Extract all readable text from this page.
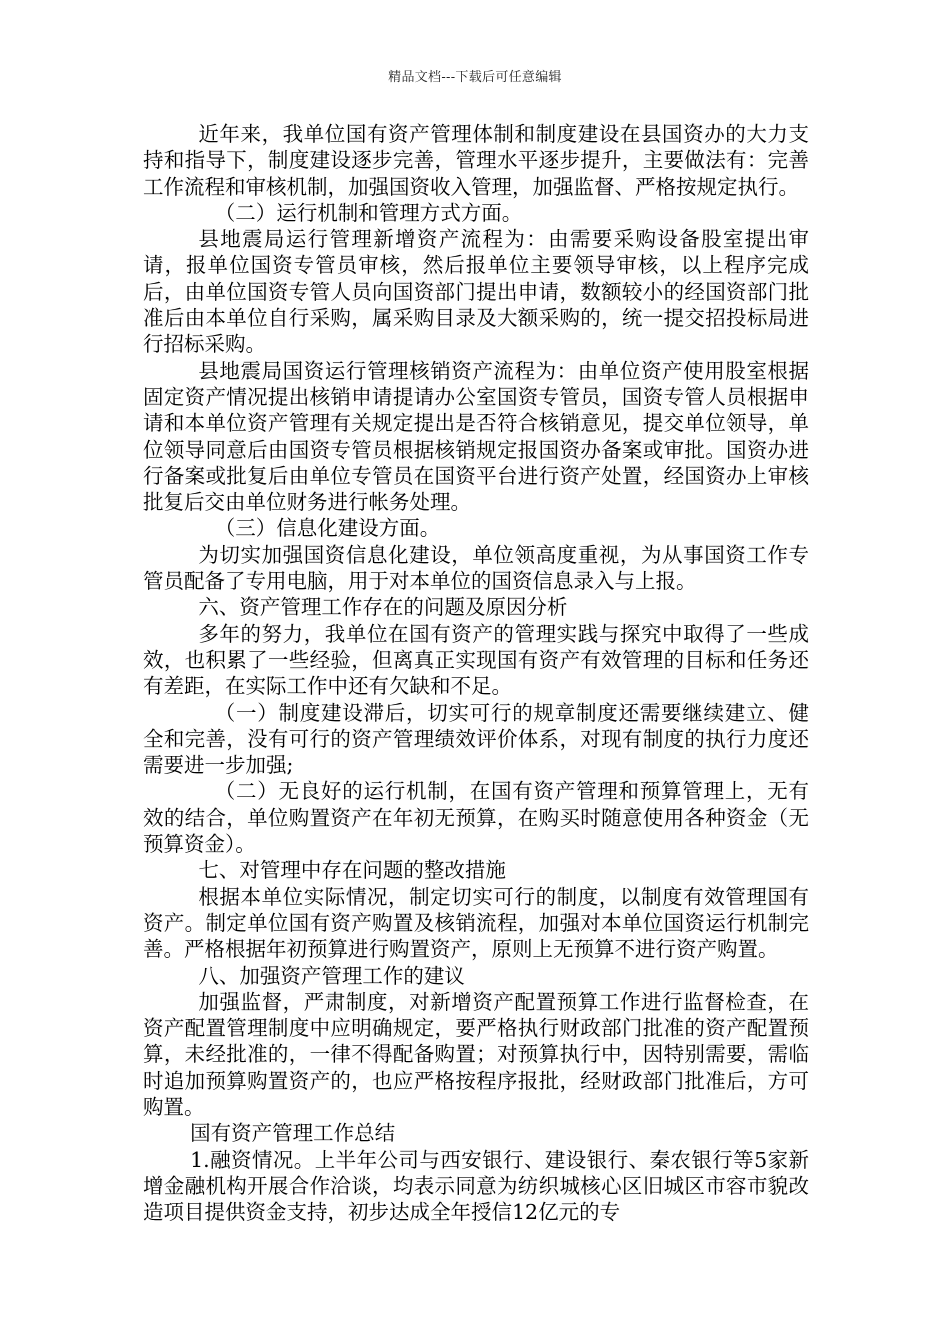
精品文档---下载后可任意编辑

近年来，我单位国有资产管理体制和制度建设在县国资办的大力支持和指导下，制度建设逐步完善，管理水平逐步提升，主要做法有：完善工作流程和审核机制，加强国资收入管理，加强监督、严格按规定执行。

（二）运行机制和管理方式方面。

县地震局运行管理新增资产流程为：由需要采购设备股室提出审请，报单位国资专管员审核，然后报单位主要领导审核，以上程序完成后，由单位国资专管人员向国资部门提出申请，数额较小的经国资部门批准后由本单位自行采购，属采购目录及大额采购的，统一提交招投标局进行招标采购。

县地震局国资运行管理核销资产流程为：由单位资产使用股室根据固定资产情况提出核销申请提请办公室国资专管员，国资专管人员根据申请和本单位资产管理有关规定提出是否符合核销意见，提交单位领导，单位领导同意后由国资专管员根据核销规定报国资办备案或审批。国资办进行备案或批复后由单位专管员在国资平台进行资产处置，经国资办上审核批复后交由单位财务进行帐务处理。

（三）信息化建设方面。

为切实加强国资信息化建设，单位领高度重视，为从事国资工作专管员配备了专用电脑，用于对本单位的国资信息录入与上报。

六、资产管理工作存在的问题及原因分析

多年的努力，我单位在国有资产的管理实践与探究中取得了一些成效，也积累了一些经验，但离真正实现国有资产有效管理的目标和任务还有差距，在实际工作中还有欠缺和不足。

（一）制度建设滞后，切实可行的规章制度还需要继续建立、健全和完善，没有可行的资产管理绩效评价体系，对现有制度的执行力度还需要进一步加强;

（二）无良好的运行机制，在国有资产管理和预算管理上，无有效的结合，单位购置资产在年初无预算，在购买时随意使用各种资金（无预算资金）。

七、对管理中存在问题的整改措施

根据本单位实际情况，制定切实可行的制度，以制度有效管理国有资产。制定单位国有资产购置及核销流程，加强对本单位国资运行机制完善。严格根据年初预算进行购置资产，原则上无预算不进行资产购置。

八、加强资产管理工作的建议

加强监督，严肃制度，对新增资产配置预算工作进行监督检查，在资产配置管理制度中应明确规定，要严格执行财政部门批准的资产配置预算，未经批准的，一律不得配备购置；对预算执行中，因特别需要，需临时追加预算购置资产的，也应严格按程序报批，经财政部门批准后，方可购置。

国有资产管理工作总结

1.融资情况。上半年公司与西安银行、建设银行、秦农银行等5家新增金融机构开展合作洽谈，均表示同意为纺织城核心区旧城区市容市貌改造项目提供资金支持，初步达成全年授信12亿元的专
